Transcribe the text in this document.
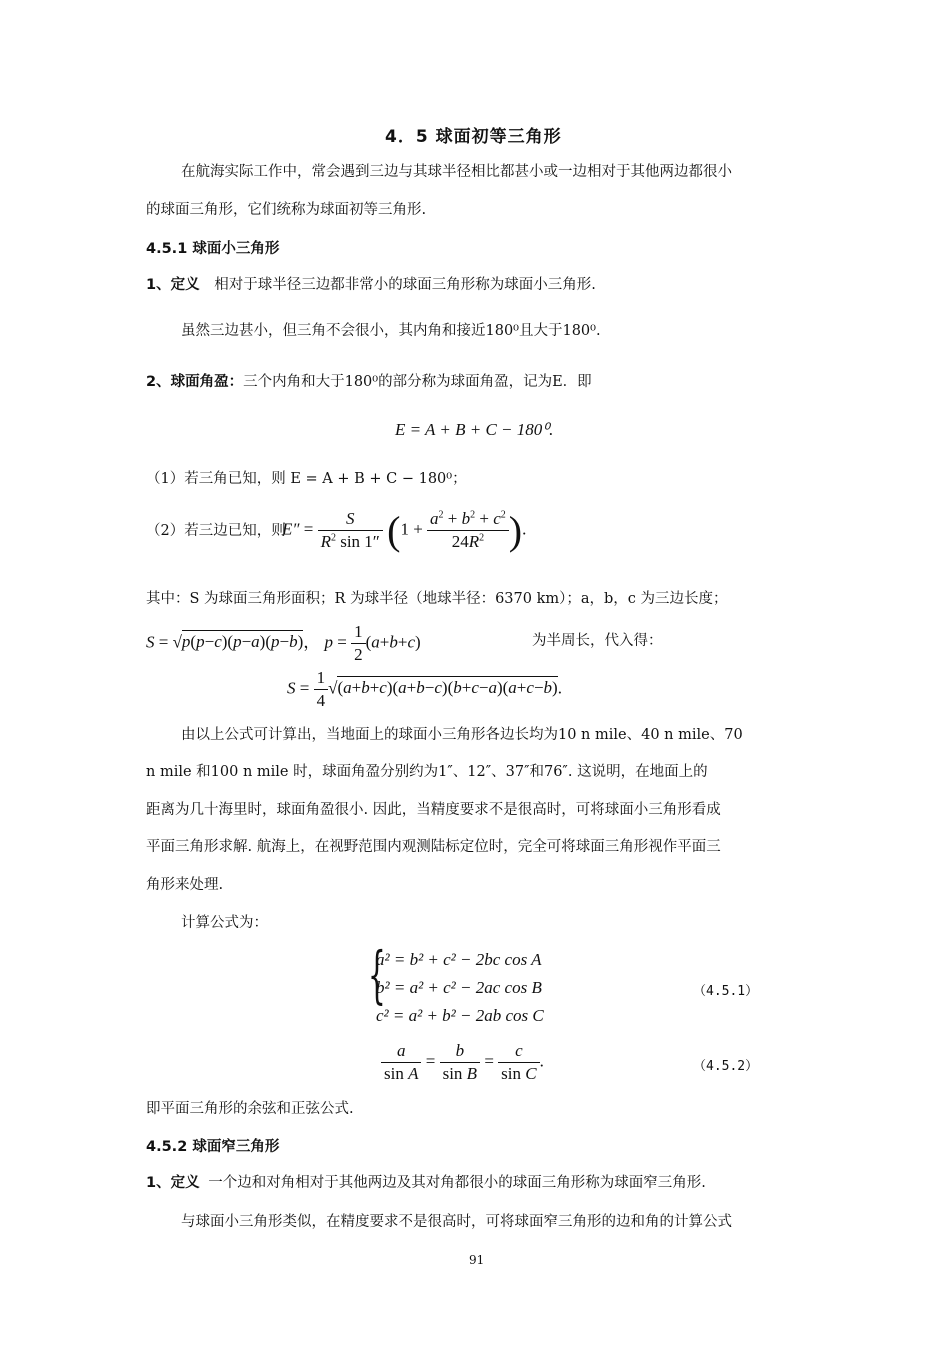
4．5 球面初等三角形
在航海实际工作中，常会遇到三边与其球半径相比都甚小或一边相对于其他两边都很小
的球面三角形，它们统称为球面初等三角形.
4.5.1 球面小三角形
1、定义 相对于球半径三边都非常小的球面三角形称为球面小三角形.
虽然三边甚小，但三角不会很小，其内角和接近180⁰且大于180⁰.
2、球面角盈：三个内角和大于180⁰的部分称为球面角盈，记为E．即
E = A + B + C − 180⁰.
（1）若三角已知，则 E = A + B + C − 180⁰；
（2）若三边已知，则
$E'' = \frac{S}{R^2 \sin 1''} (1 + \frac{a^2 + b^2 + c^2}{24R^2}$ ).
其中：S 为球面三角形面积；R 为球半径（地球半径：6370 km）；a，b，c 为三边长度；
S = √p(p−c)(p−a)(p−b)， $p = \frac{1}{2} (a+b+c)$	为半周长，代入得：
$S = \frac{1}{4} √(a+b+c)(a+b-c)(b+c-a)(a+c-b)$.
由以上公式可计算出，当地面上的球面小三角形各边长均为10 n mile、40 n mile、70
n mile 和100 n mile 时，球面角盈分别约为1″、12″、37″和76″. 这说明，在地面上的
距离为几十海里时，球面角盈很小. 因此，当精度要求不是很高时，可将球面小三角形看成
平面三角形求解. 航海上，在视野范围内观测陆标定位时，完全可将球面三角形视作平面三
角形来处理.
计算公式为：
{
a² = b² + c² − 2bc cos A
b² = a² + c² − 2ac cos B
c² = a² + b² − 2ab cos C
（4.5.1）
$\frac{a}{\text{sin A}} = \frac{b}{\text{sin B}} = \frac{c}{\text{sin C}}$ .	（4.5.2）
即平面三角形的余弦和正弦公式.
4.5.2 球面窄三角形
1、定义 一个边和对角相对于其他两边及其对角都很小的球面三角形称为球面窄三角形.
与球面小三角形类似，在精度要求不是很高时，可将球面窄三角形的边和角的计算公式
91
